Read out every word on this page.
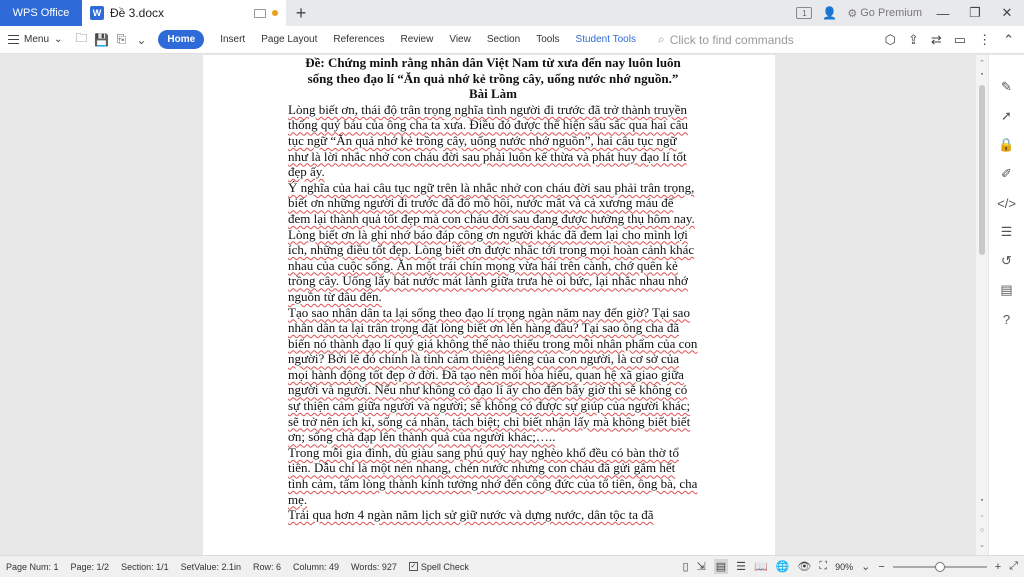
WPS Office	W Đề 3.docx	+	1	👤 ⚙ Go Premium	—	❐	✕
Menu ⌄ 🗀 💾 ⎘ ⌄	Home	Insert Page Layout References Review View Section Tools Student Tools ⌕ Click to find commands	⬡ ⇪ ⇄ ▭ ⋮ ⌃
Đề: Chứng minh rằng nhân dân Việt Nam từ xưa đến nay luôn luôn
sống theo đạo lí “Ăn quả nhớ kẻ trồng cây, uống nước nhớ nguồn.”
Bài Làm

Lòng biết ơn, thái độ trân trọng nghĩa tình người đi trước đã trở thành truyền thống quý báu của ông cha ta xưa. Điều đó được thể hiện sâu sắc qua hai câu tục ngữ “Ăn quả nhớ kẻ trồng cây, uống nước nhớ nguồn”, hai câu tục ngữ như là lời nhắc nhở con cháu đời sau phải luôn kế thừa và phát huy đạo lí tốt đẹp ấy.

Ý nghĩa của hai câu tục ngữ trên là nhắc nhở con cháu đời sau phải trân trọng, biết ơn những người đi trước đã đổ mồ hôi, nước mắt và cả xương máu để đem lại thành quả tốt đẹp mà con cháu đời sau đang được hưởng thụ hôm nay.

Lòng biết ơn là ghi nhớ báo đáp công ơn người khác đã đem lại cho mình lợi ích, những điều tốt đẹp. Lòng biết ơn được nhắc tới trong mọi hoàn cảnh khác nhau của cuộc sống. Ăn một trái chín mọng vừa hái trên cành, chớ quên kẻ trồng cây. Uống lấy bát nước mát lành giữa trưa hè oi bức, lại nhắc nhau nhớ nguồn từ đâu đến.

Tạo sao nhân dân ta lại sống theo đạo lí trọng ngàn năm nay đến giờ? Tại sao nhân dân ta lại trân trọng đặt lòng biết ơn lên hàng đầu? Tại sao ông cha đã biến nó thành đạo lí quý giá không thể nào thiếu trong mỗi nhân phẩm của con người? Bởi lẽ đó chính là tình cảm thiêng liêng của con người, là cơ sở của mọi hành động tốt đẹp ở đời. Đã tạo nên mối hòa hiếu, quan hệ xã giao giữa người và người. Nếu như không có đạo lí ấy cho đến bây giờ thì sẽ không có sự thiện cảm giữa người và người; sẽ không có được sự giúp của người khác; sẽ trở nên ích kỉ, sống cá nhân, tách biệt; chỉ biết nhận lấy mà không biết biết ơn; sống chà đạp lên thành quả của người khác;…..

Trong mỗi gia đình, dù giàu sang phú quý hay nghèo khổ đều có bàn thờ tổ tiên. Dẫu chỉ là một nén nhang, chén nước nhưng con cháu đã gửi gắm hết tình cảm, tấm lòng thành kính tưởng nhớ đến công đức của tổ tiên, ông bà, cha mẹ.

Trải qua hơn 4 ngàn năm lịch sử giữ nước và dựng nước, dân tộc ta đã

⌃
▪
▪
◦
○
⌄
✎
➚
🔒
✐
</>
☰
↺
▤
?
Page Num: 1 Page: 1/2 Section: 1/1 SetValue: 2.1in Row: 6 Column: 49 Words: 927 ✓ Spell Check	▯ ⇲ ▤ ☰ 📖 🌐 👁 ⛶ 90% ⌄ −	+ ⤢
